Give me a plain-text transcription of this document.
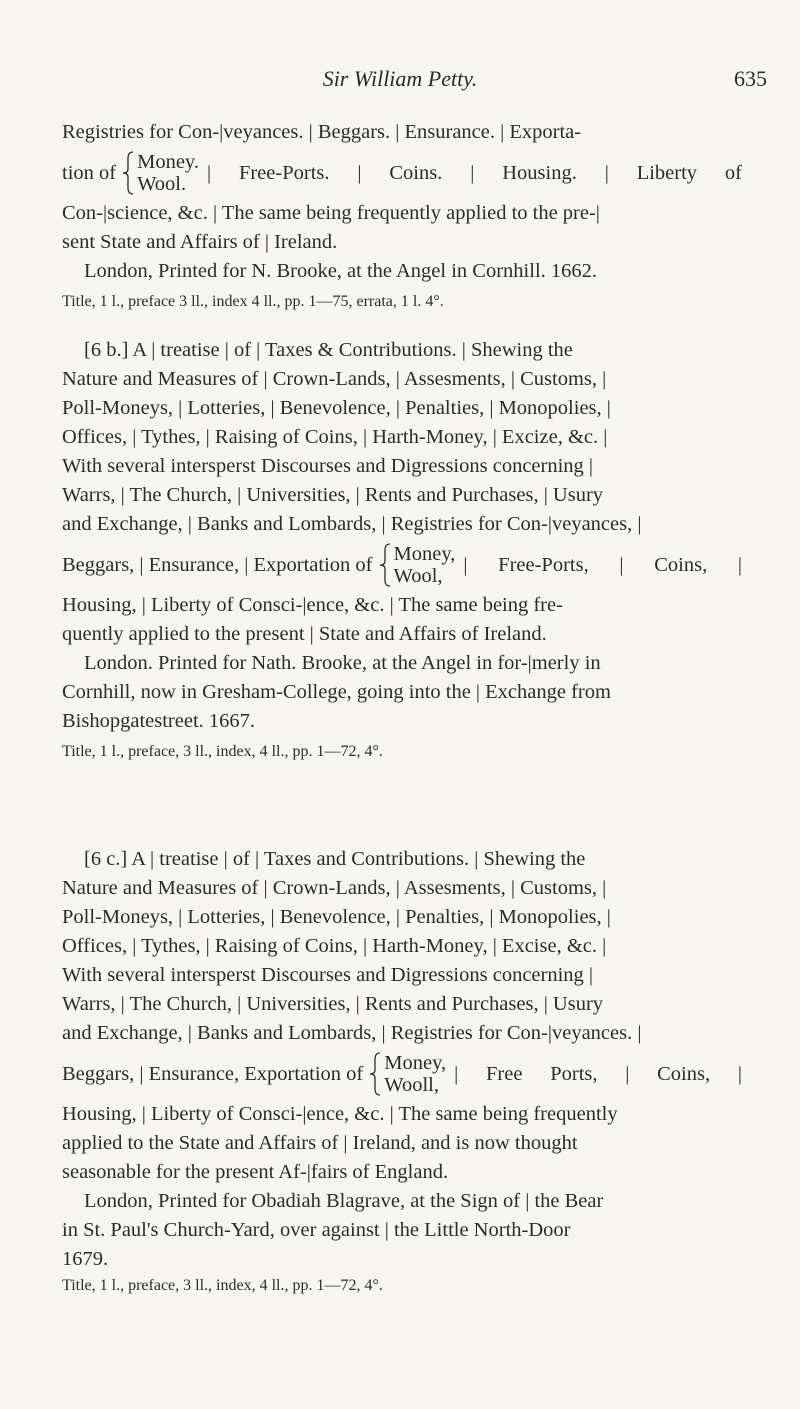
Sir William Petty.	635
Registries for Con-|veyances. | Beggars. | Ensurance. | Exporta-
tion of Money.
Wool.
| Free-Ports. | Coins. | Housing. | Liberty of
Con-|science, &c. | The same being frequently applied to the pre-|
sent State and Affairs of | Ireland.
London, Printed for N. Brooke, at the Angel in Cornhill. 1662.
Title, 1 l., preface 3 ll., index 4 ll., pp. 1—75, errata, 1 l. 4°.
[6 b.] A | treatise | of | Taxes & Contributions. | Shewing the
Nature and Measures of | Crown-Lands, | Assesments, | Customs, |
Poll-Moneys, | Lotteries, | Benevolence, | Penalties, | Monopolies, |
Offices, | Tythes, | Raising of Coins, | Harth-Money, | Excize, &c. |
With several intersperst Discourses and Digressions concerning |
Warrs, | The Church, | Universities, | Rents and Purchases, | Usury
and Exchange, | Banks and Lombards, | Registries for Con-|veyances, |
Beggars, | Ensurance, | Exportation of Money,
Wool,
| Free-Ports, | Coins, |
Housing, | Liberty of Consci-|ence, &c. | The same being fre-
quently applied to the present | State and Affairs of Ireland.
London. Printed for Nath. Brooke, at the Angel in for-|merly in
Cornhill, now in Gresham-College, going into the | Exchange from
Bishopgatestreet. 1667.
Title, 1 l., preface, 3 ll., index, 4 ll., pp. 1—72, 4°.
[6 c.] A | treatise | of | Taxes and Contributions. | Shewing the
Nature and Measures of | Crown-Lands, | Assesments, | Customs, |
Poll-Moneys, | Lotteries, | Benevolence, | Penalties, | Monopolies, |
Offices, | Tythes, | Raising of Coins, | Harth-Money, | Excise, &c. |
With several intersperst Discourses and Digressions concerning |
Warrs, | The Church, | Universities, | Rents and Purchases, | Usury
and Exchange, | Banks and Lombards, | Registries for Con-|veyances. |
Beggars, | Ensurance, Exportation of Money,
Wooll,
| Free Ports, | Coins, |
Housing, | Liberty of Consci-|ence, &c. | The same being frequently
applied to the State and Affairs of | Ireland, and is now thought
seasonable for the present Af-|fairs of England.
London, Printed for Obadiah Blagrave, at the Sign of | the Bear
in St. Paul's Church-Yard, over against | the Little North-Door
1679.
Title, 1 l., preface, 3 ll., index, 4 ll., pp. 1—72, 4°.
